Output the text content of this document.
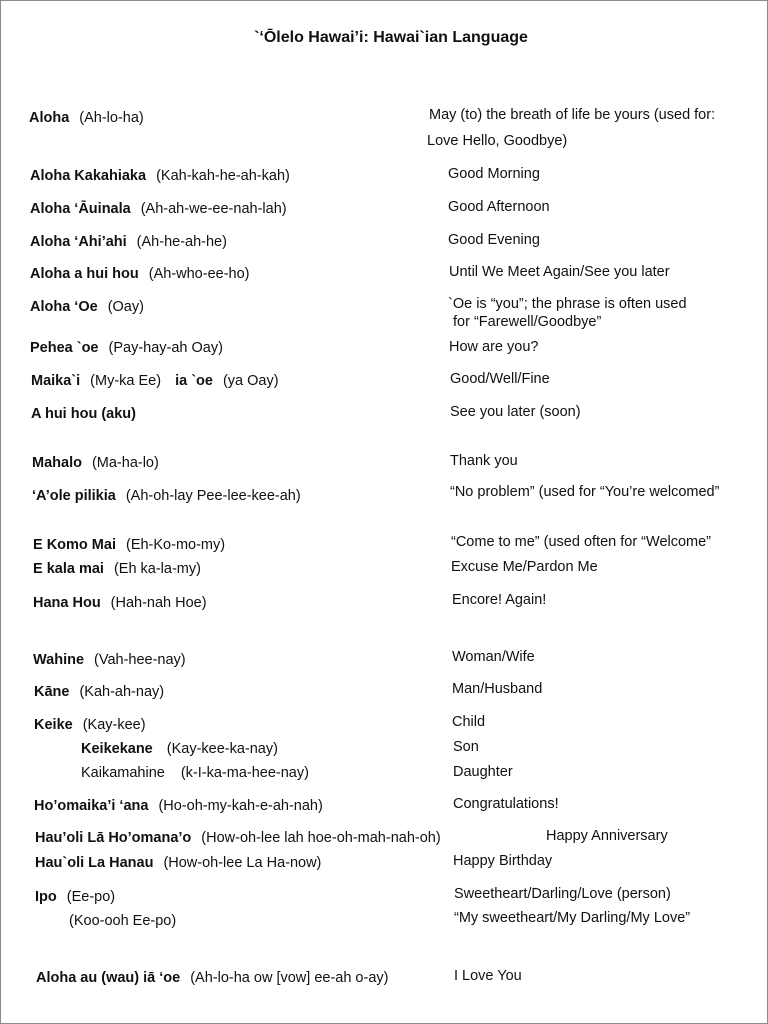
`‘Ōlelo Hawai’i: Hawai`ian Language
Aloha (Ah-lo-ha)	May (to) the breath of life be yours (used for:
Love Hello, Goodbye)
Aloha Kakahiaka (Kah-kah-he-ah-kah)	Good Morning
Aloha ‘Āuinala (Ah-ah-we-ee-nah-lah)	Good Afternoon
Aloha ‘Ahi’ahi (Ah-he-ah-he)	Good Evening
Aloha a hui hou (Ah-who-ee-ho)	Until We Meet Again/See you later
Aloha ‘Oe (Oay)	`Oe is “you”; the phrase is often used
for “Farewell/Goodbye”
Pehea `oe (Pay-hay-ah Oay)	How are you?
Maika`i (My-ka Ee) ia `oe (ya Oay)	Good/Well/Fine
A hui hou (aku)	See you later (soon)
Mahalo (Ma-ha-lo)	Thank you
‘A’ole pilikia (Ah-oh-lay Pee-lee-kee-ah)	“No problem” (used for “You’re welcomed”
E Komo Mai (Eh-Ko-mo-my)	“Come to me” (used often for “Welcome”
E kala mai (Eh ka-la-my)	Excuse Me/Pardon Me
Hana Hou (Hah-nah Hoe)	Encore! Again!
Wahine (Vah-hee-nay)	Woman/Wife
Kāne (Kah-ah-nay)	Man/Husband
Keike (Kay-kee)	Child
Keikekane (Kay-kee-ka-nay)	Son
Kaikamahine (k-I-ka-ma-hee-nay)	Daughter
Ho’omaika’i ‘ana (Ho-oh-my-kah-e-ah-nah)	Congratulations!
Hau’oli Lā Ho’omana’o (How-oh-lee lah hoe-oh-mah-nah-oh)	Happy Anniversary
Hau`oli La Hanau (How-oh-lee La Ha-now)	Happy Birthday
Ipo (Ee-po)	Sweetheart/Darling/Love (person)
(Koo-ooh Ee-po)	“My sweetheart/My Darling/My Love”
Aloha au (wau) iā ‘oe (Ah-lo-ha ow [vow] ee-ah o-ay)	I Love You
